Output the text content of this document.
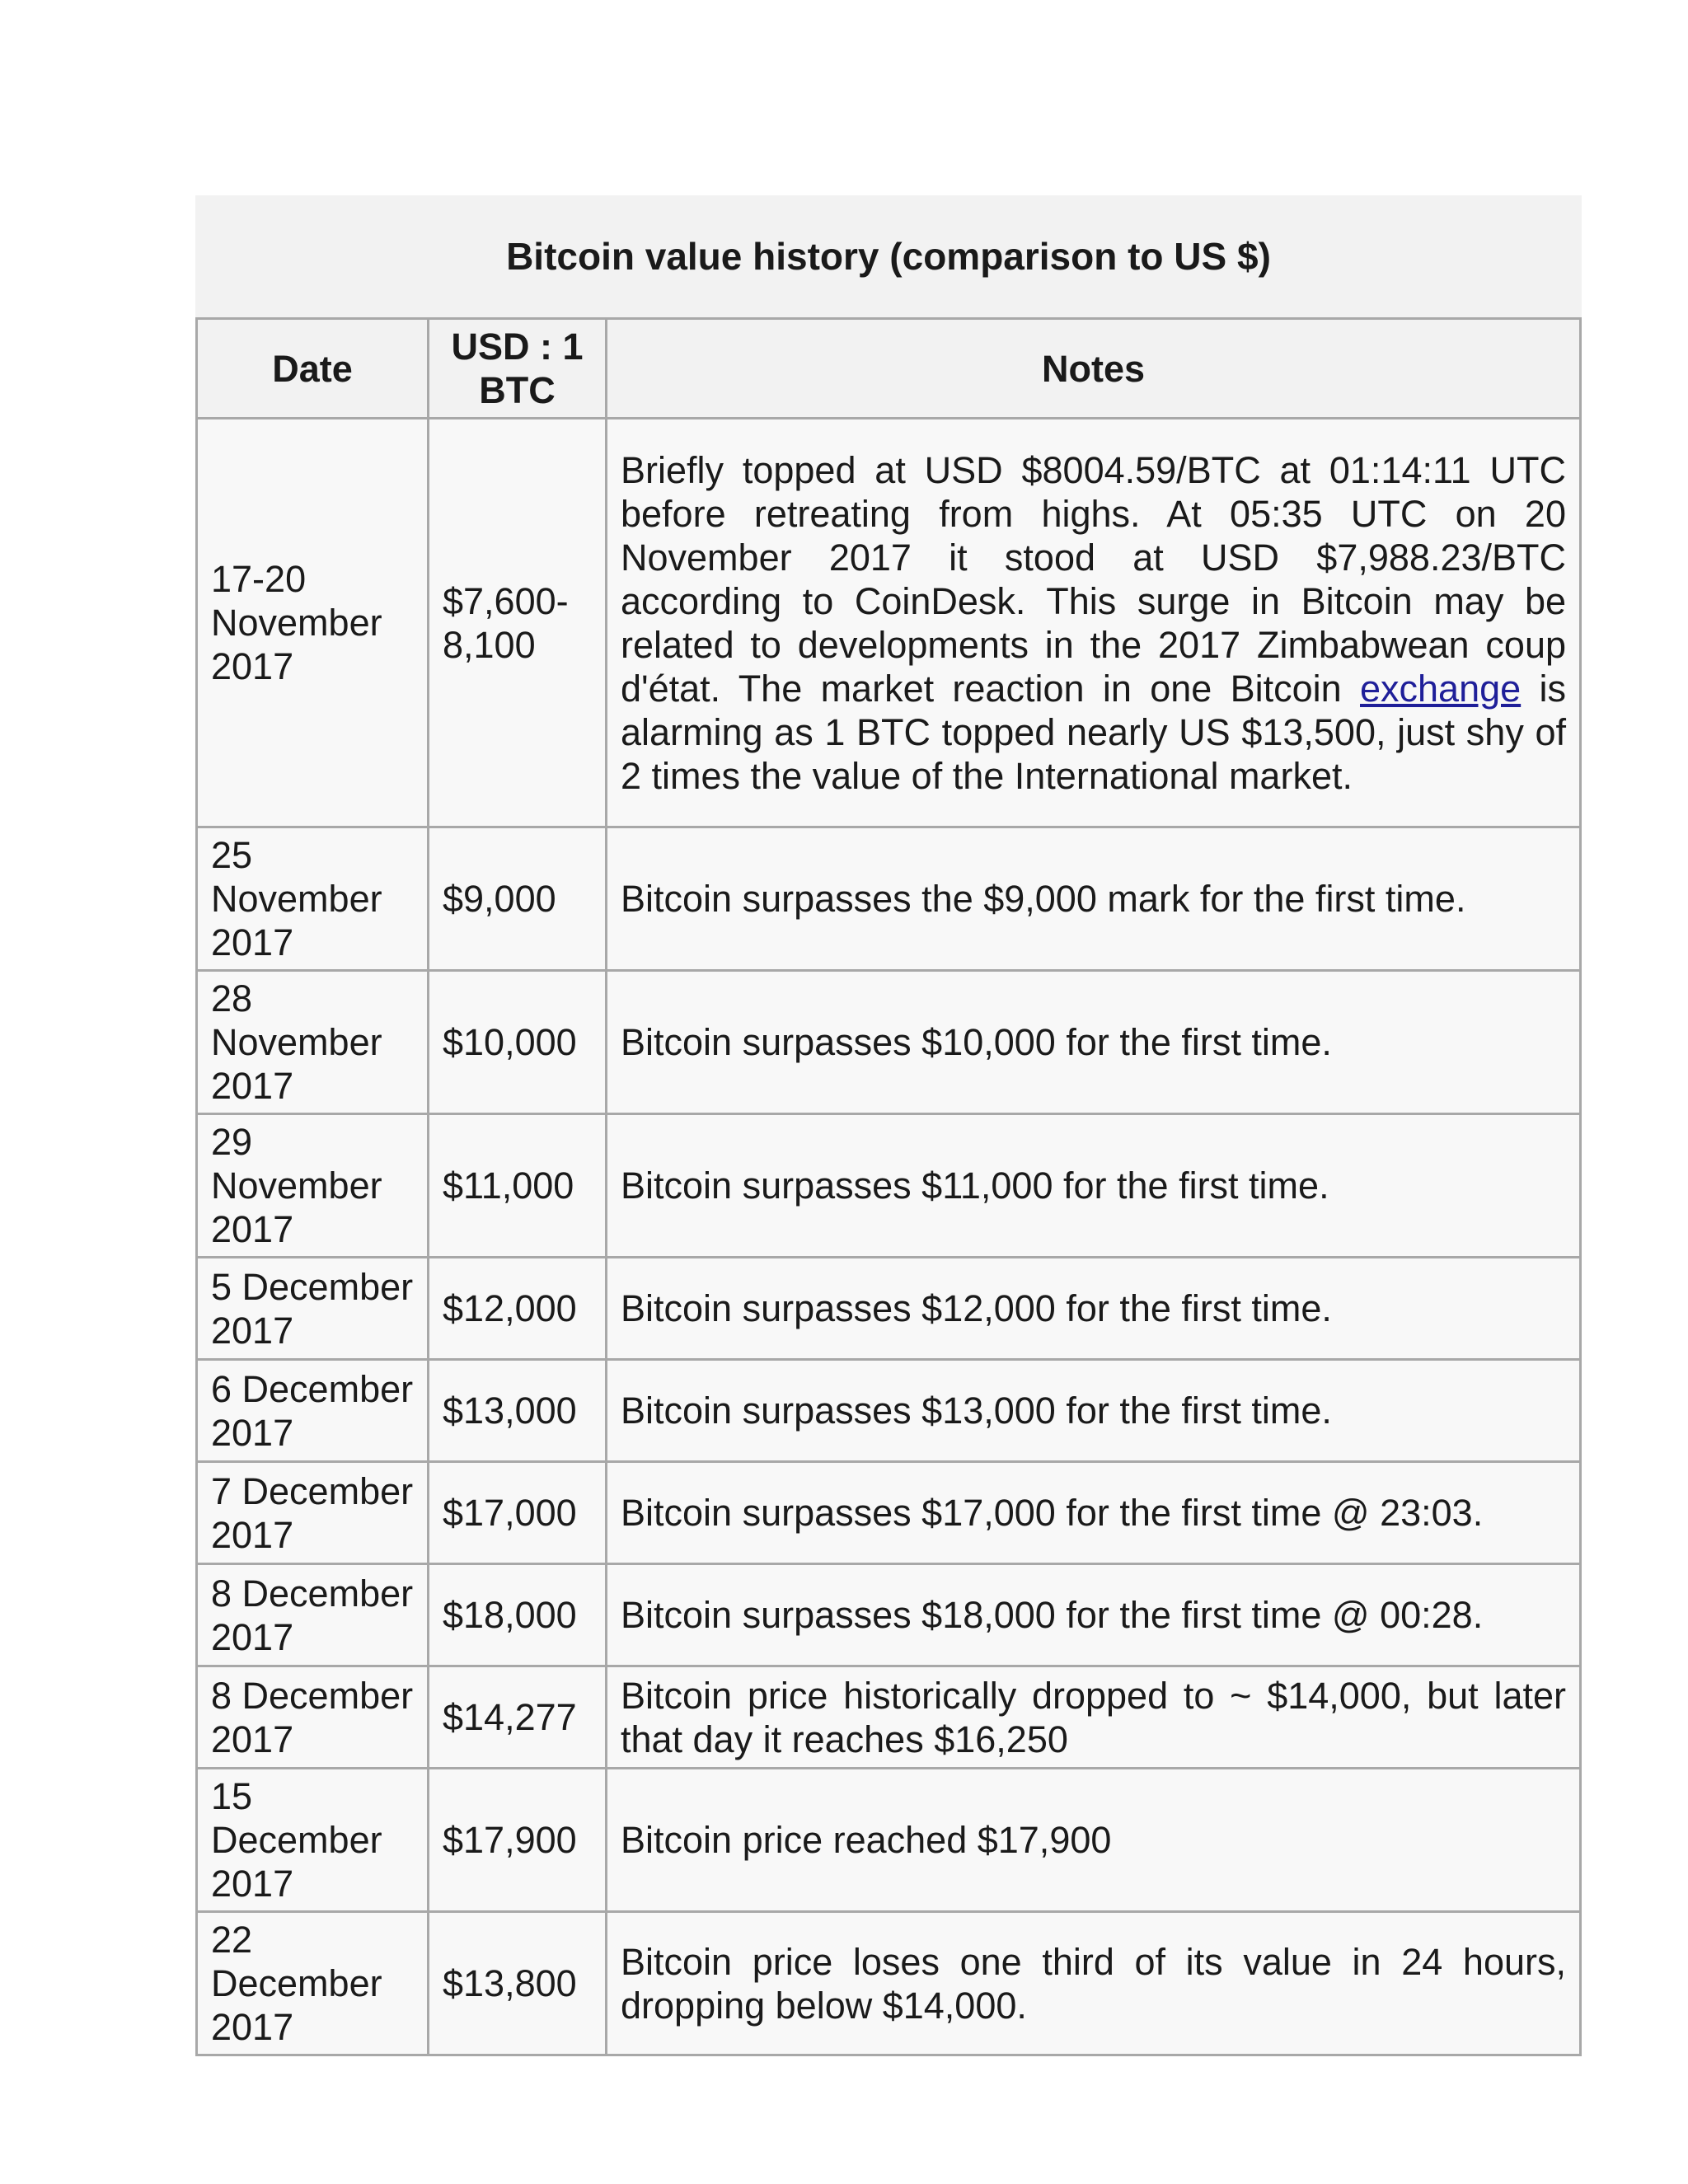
Bitcoin value history (comparison to US $)
Date	USD : 1 BTC	Notes
17-20 November 2017	$7,600-8,100	Briefly topped at USD $8004.59/BTC at 01:14:11 UTC before retreating from highs. At 05:35 UTC on 20 November 2017 it stood at USD $7,988.23/BTC according to CoinDesk. This surge in Bitcoin may be related to developments in the 2017 Zimbabwean coup d'état. The market reaction in one Bitcoin exchange is alarming as 1 BTC topped nearly US $13,500, just shy of 2 times the value of the International market.
25 November 2017	$9,000	Bitcoin surpasses the $9,000 mark for the first time.
28 November 2017	$10,000	Bitcoin surpasses $10,000 for the first time.
29 November 2017	$11,000	Bitcoin surpasses $11,000 for the first time.
5 December 2017	$12,000	Bitcoin surpasses $12,000 for the first time.
6 December 2017	$13,000	Bitcoin surpasses $13,000 for the first time.
7 December 2017	$17,000	Bitcoin surpasses $17,000 for the first time @ 23:03.
8 December 2017	$18,000	Bitcoin surpasses $18,000 for the first time @ 00:28.
8 December 2017	$14,277	Bitcoin price historically dropped to ~ $14,000, but later that day it reaches $16,250
15 December 2017	$17,900	Bitcoin price reached $17,900
22 December 2017	$13,800	Bitcoin price loses one third of its value in 24 hours, dropping below $14,000.
